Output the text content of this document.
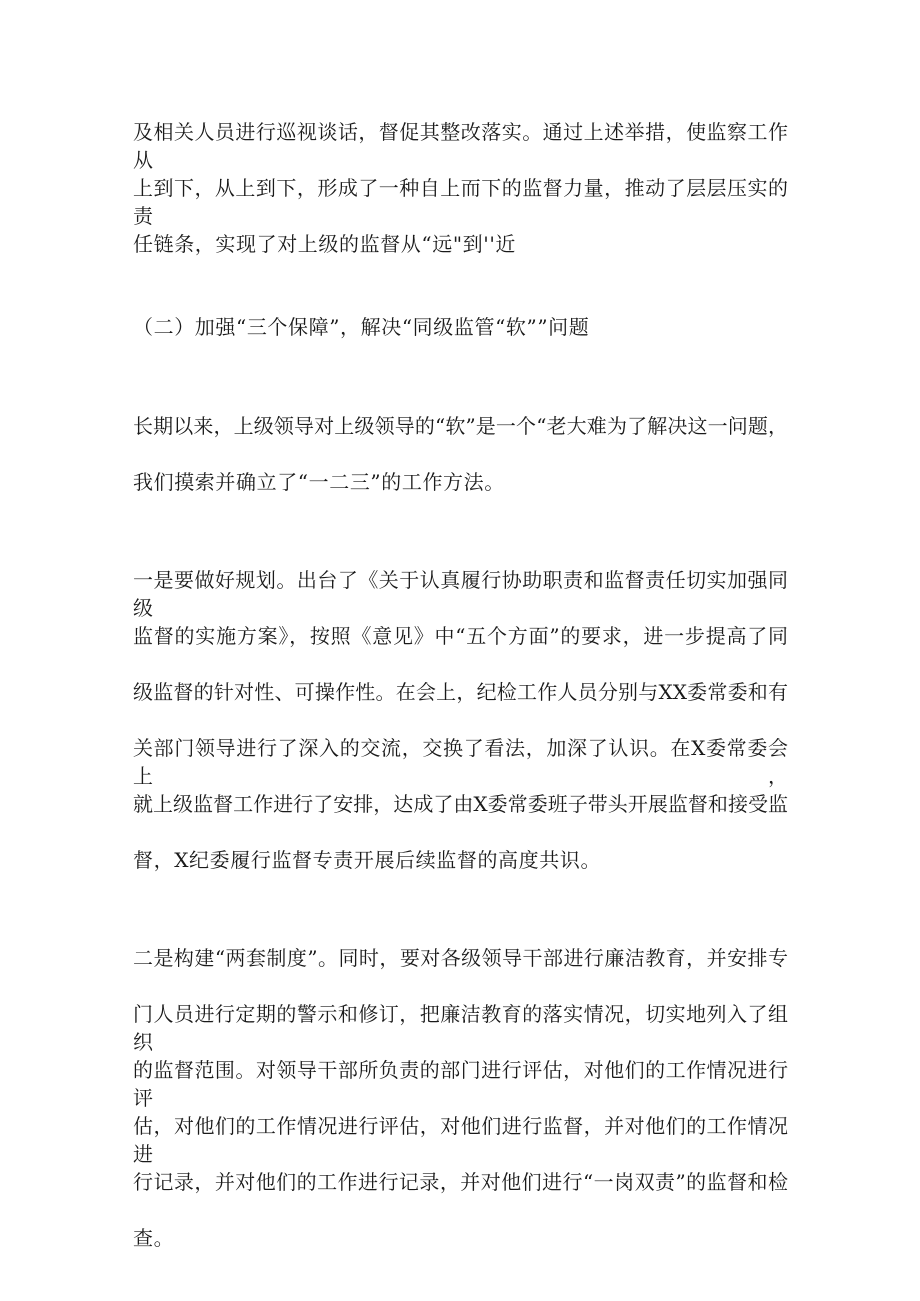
及相关人员进行巡视谈话，督促其整改落实。通过上述举措，使监察工作从
上到下，从上到下，形成了一种自上而下的监督力量，推动了层层压实的责
任链条，实现了对上级的监督从“远"到''近
（二）加强“三个保障”，解决“同级监管“软””问题
长期以来，上级领导对上级领导的“软”是一个“老大难为了解决这一问题，
我们摸索并确立了“一二三”的工作方法。
一是要做好规划。出台了《关于认真履行协助职责和监督责任切实加强同级
监督的实施方案》，按照《意见》中“五个方面”的要求，进一步提高了同
级监督的针对性、可操作性。在会上，纪检工作人员分别与XX委常委和有
关部门领导进行了深入的交流，交换了看法，加深了认识。在X委常委会上，
就上级监督工作进行了安排，达成了由X委常委班子带头开展监督和接受监
督，X纪委履行监督专责开展后续监督的高度共识。
二是构建“两套制度”。同时，要对各级领导干部进行廉洁教育，并安排专
门人员进行定期的警示和修订，把廉洁教育的落实情况，切实地列入了组织
的监督范围。对领导干部所负责的部门进行评估，对他们的工作情况进行评
估，对他们的工作情况进行评估，对他们进行监督，并对他们的工作情况进
行记录，并对他们的工作进行记录，并对他们进行“一岗双责”的监督和检
查。
